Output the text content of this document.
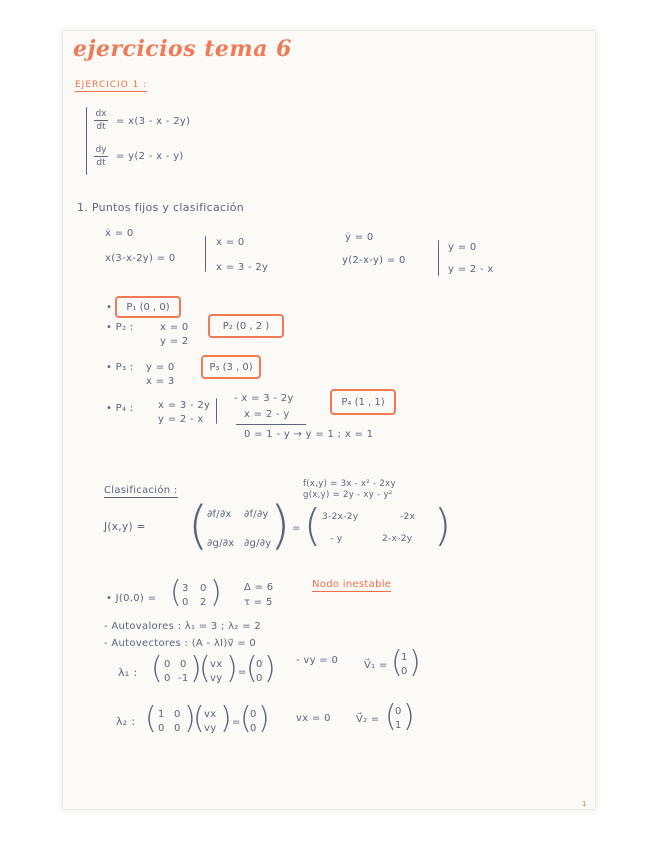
ejercicios tema 6
EJERCICIO 1 :
dx
dt = x(3 - x - 2y)
dy
dt
= y(2 - x - y)
1. Puntos fijos y clasificación
ẋ = 0
x(3-x-2y) = 0
x = 0
x = 3 - 2y
ẏ = 0
y(2-x-y) = 0
y = 0
y = 2 - x
• P₁ (0 , 0)
• P₂ :	x = 0
y = 2
P₂ (0 , 2 )
• P₃ : y = 0
x = 3
P₃ (3 , 0)
• P₄ : x = 3 - 2y
y = 2 - x
- x = 3 - 2y
x = 2 - y
0 = 1 - y → y = 1 ; x = 1
P₄ (1 , 1)
Clasificación :
f(x,y) = 3x - x² - 2xy
g(x,y) = 2y - xy - y²
J(x,y) = (
∂f/∂x ∂f/∂y
∂g/∂x ∂g/∂y
) = ( 3-2x-2y	-2x
- y	2-x-2y )
• J(0,0) = ( 3 0
0 2 ) Δ = 6
τ = 5
Nodo inestable
- Autovalores : λ₁ = 3 ; λ₂ = 2
- Autovectores : (A - λI)v⃗ = 0
λ₁ : ( 0 0
0 -1 )
( vx
vy ) = (
0
0 ) - vy = 0	V⃗₁ = (
1
0 )
λ₂ : ( 1 0
0 0 )
( vx
vy ) = (
0
0 )	vx = 0	V⃗₂ = (
0
1 )
1
